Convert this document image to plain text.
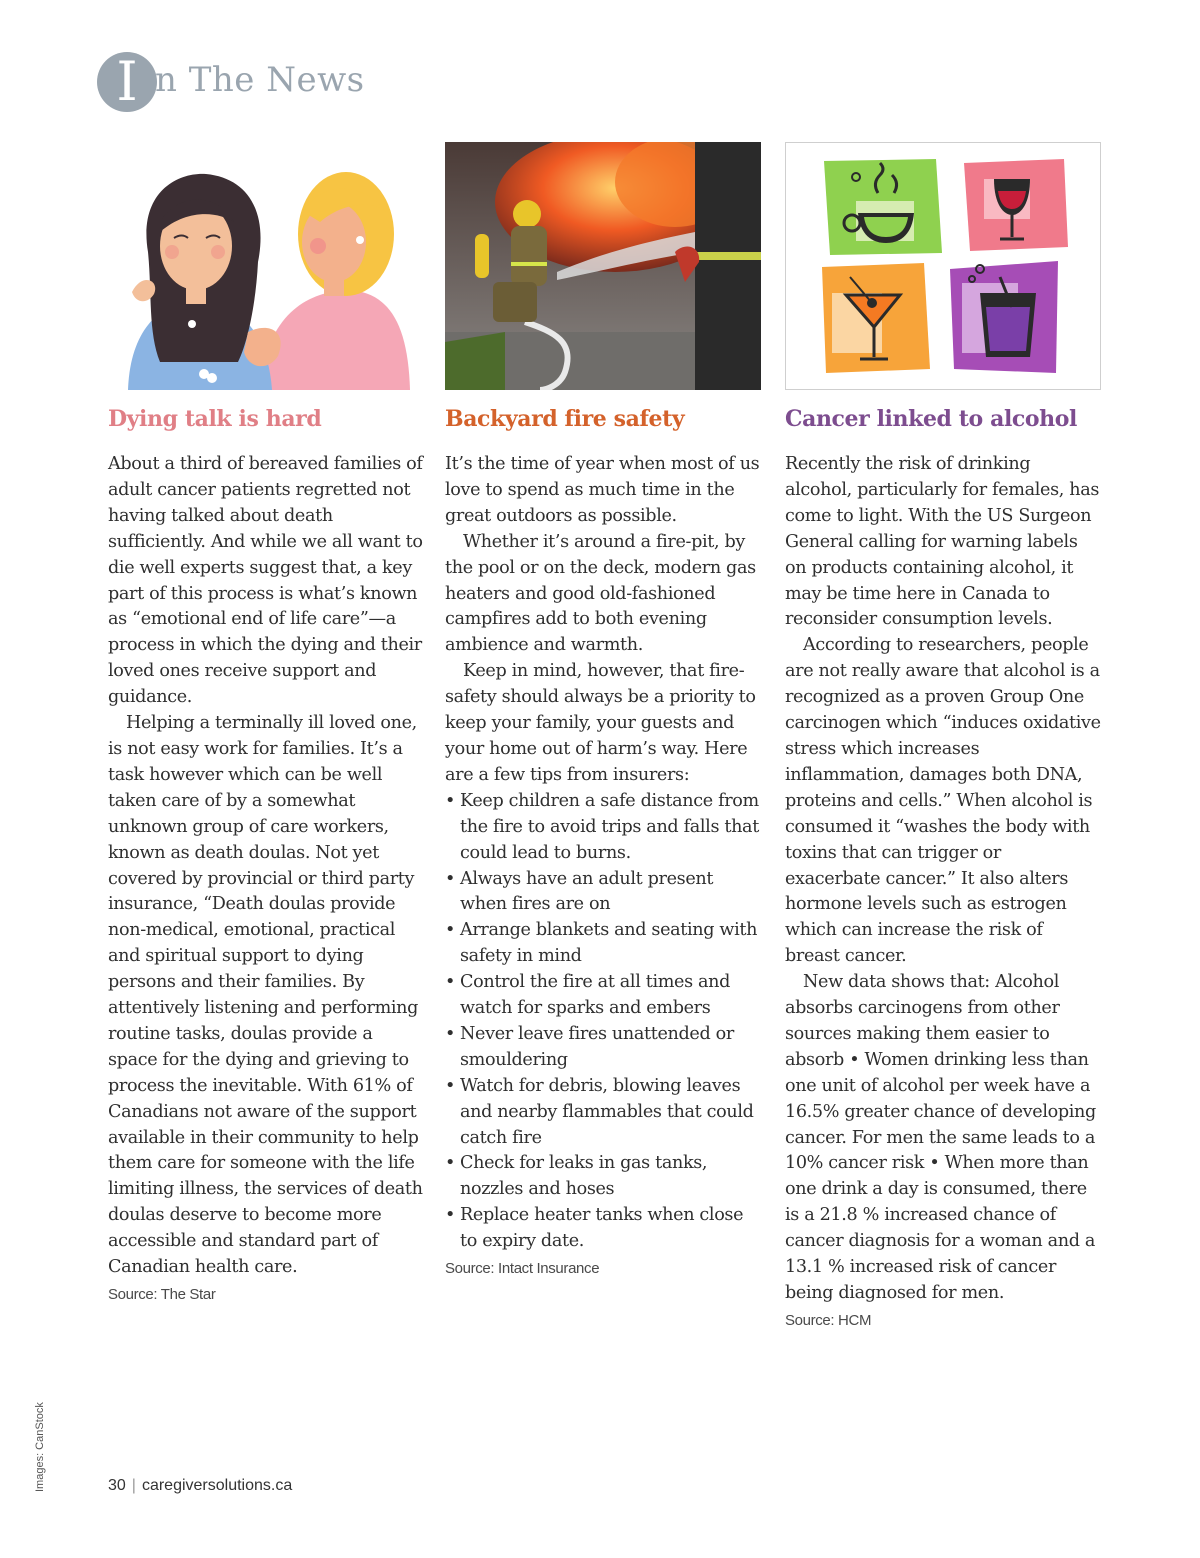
I n The News
Dying talk is hard

About a third of bereaved families of adult cancer patients regretted not having talked about death sufficiently. And while we all want to die well experts suggest that, a key part of this process is what’s known as “emotional end of life care”—a process in which the dying and their loved ones receive support and guidance.

Helping a terminally ill loved one, is not easy work for families. It’s a task however which can be well taken care of by a somewhat unknown group of care workers, known as death doulas. Not yet covered by provincial or third party insurance, “Death doulas provide non-medical, emotional, practical and spiritual support to dying persons and their families. By attentively listening and performing routine tasks, doulas provide a space for the dying and grieving to process the inevitable. With 61% of Canadians not aware of the support available in their community to help them care for someone with the life limiting illness, the services of death doulas deserve to become more accessible and standard part of Canadian health care.

Source: The Star
Backyard fire safety

It’s the time of year when most of us love to spend as much time in the great outdoors as possible.

Whether it’s around a fire-pit, by the pool or on the deck, modern gas heaters and good old-fashioned campfires add to both evening ambience and warmth.

Keep in mind, however, that fire-safety should always be a priority to keep your family, your guests and your home out of harm’s way. Here are a few tips from insurers:

• Keep children a safe distance from the fire to avoid trips and falls that could lead to burns.
• Always have an adult present when fires are on
• Arrange blankets and seating with safety in mind
• Control the fire at all times and watch for sparks and embers
• Never leave fires unattended or smouldering
• Watch for debris, blowing leaves and nearby flammables that could catch fire
• Check for leaks in gas tanks, nozzles and hoses
• Replace heater tanks when close to expiry date.
Source: Intact Insurance
Cancer linked to alcohol

Recently the risk of drinking alcohol, particularly for females, has come to light. With the US Surgeon General calling for warning labels on products containing alcohol, it may be time here in Canada to reconsider consumption levels.

According to researchers, people are not really aware that alcohol is a recognized as a proven Group One carcinogen which “induces oxidative stress which increases inflammation, damages both DNA, proteins and cells.” When alcohol is consumed it “washes the body with toxins that can trigger or exacerbate cancer.” It also alters hormone levels such as estrogen which can increase the risk of breast cancer.

New data shows that: Alcohol absorbs carcinogens from other sources making them easier to absorb • Women drinking less than one unit of alcohol per week have a 16.5% greater chance of developing cancer. For men the same leads to a 10% cancer risk • When more than one drink a day is consumed, there is a 21.8 % increased chance of cancer diagnosis for a woman and a 13.1 % increased risk of cancer being diagnosed for men.

Source: HCM
Images: CanStock	30 | caregiversolutions.ca
